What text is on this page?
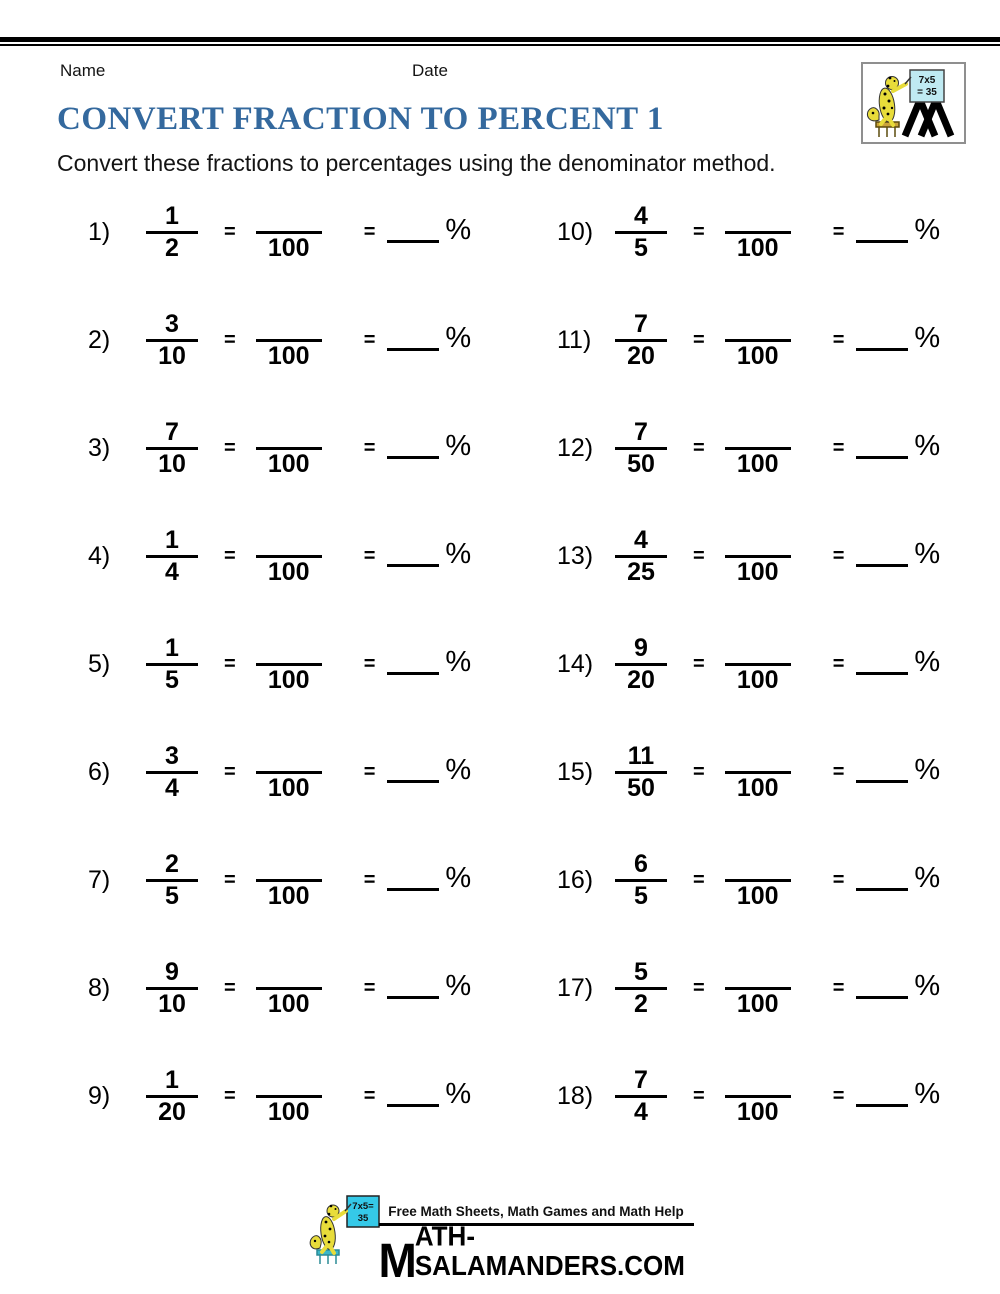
Name	Date
7x5
= 35
CONVERT FRACTION TO PERCENT 1

Convert these fractions to percentages using the denominator method.

1)	$\frac{1}{2}$ =

100
= %
2)	$\frac{3}{10}$ =

100
= %
3)	$\frac{7}{10}$ =

100
= %
4)	$\frac{1}{4}$ =

100
= %
5)	$\frac{1}{5}$ =

100
= %
6)	$\frac{3}{4}$ =

100
= %
7)	$\frac{2}{5}$ =

100
= %
8)	$\frac{9}{10}$ =

100
= %
9)	$\frac{1}{20}$ =

100
= %
$10) \frac{4}{5}$ =

100
= %
$11) \frac{7}{20}$ =

100
= %
$12) \frac{7}{50}$ =

100
= %
$13) \frac{4}{25}$ =

100
= %
$14) \frac{9}{20}$ =

100
= %
$15) \frac{11}{50}$ =

100
= %
$16) \frac{6}{5}$ =

100
= %
$17) \frac{5}{2}$ =

100
= %
$18) \frac{7}{4}$ =

100
= %
7x5=
35	Free Math Sheets, Math Games and Math Help
M ATH-SALAMANDERS.COM
